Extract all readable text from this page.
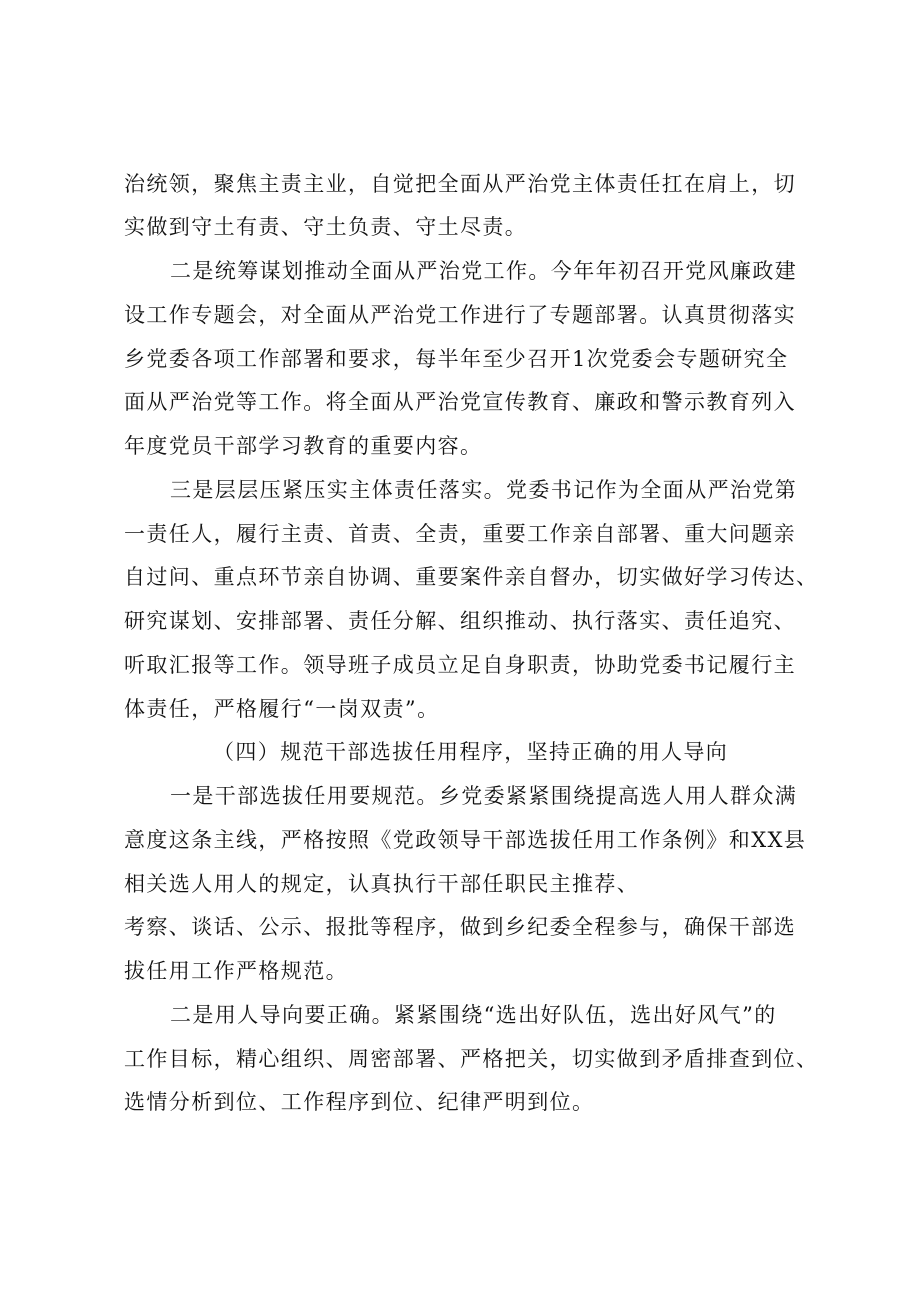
治统领，聚焦主责主业，自觉把全面从严治党主体责任扛在肩上，切
实做到守土有责、守土负责、守土尽责。
二是统筹谋划推动全面从严治党工作。今年年初召开党风廉政建
设工作专题会，对全面从严治党工作进行了专题部署。认真贯彻落实
乡党委各项工作部署和要求，每半年至少召开1次党委会专题研究全
面从严治党等工作。将全面从严治党宣传教育、廉政和警示教育列入
年度党员干部学习教育的重要内容。
三是层层压紧压实主体责任落实。党委书记作为全面从严治党第
一责任人，履行主责、首责、全责，重要工作亲自部署、重大问题亲
自过问、重点环节亲自协调、重要案件亲自督办，切实做好学习传达、
研究谋划、安排部署、责任分解、组织推动、执行落实、责任追究、
听取汇报等工作。领导班子成员立足自身职责，协助党委书记履行主
体责任，严格履行“一岗双责”。
（四）规范干部选拔任用程序，坚持正确的用人导向
一是干部选拔任用要规范。乡党委紧紧围绕提高选人用人群众满
意度这条主线，严格按照《党政领导干部选拔任用工作条例》和XX县
相关选人用人的规定，认真执行干部任职民主推荐、
考察、谈话、公示、报批等程序，做到乡纪委全程参与，确保干部选
拔任用工作严格规范。
二是用人导向要正确。紧紧围绕“选出好队伍，选出好风气”的
工作目标，精心组织、周密部署、严格把关，切实做到矛盾排查到位、
选情分析到位、工作程序到位、纪律严明到位。
